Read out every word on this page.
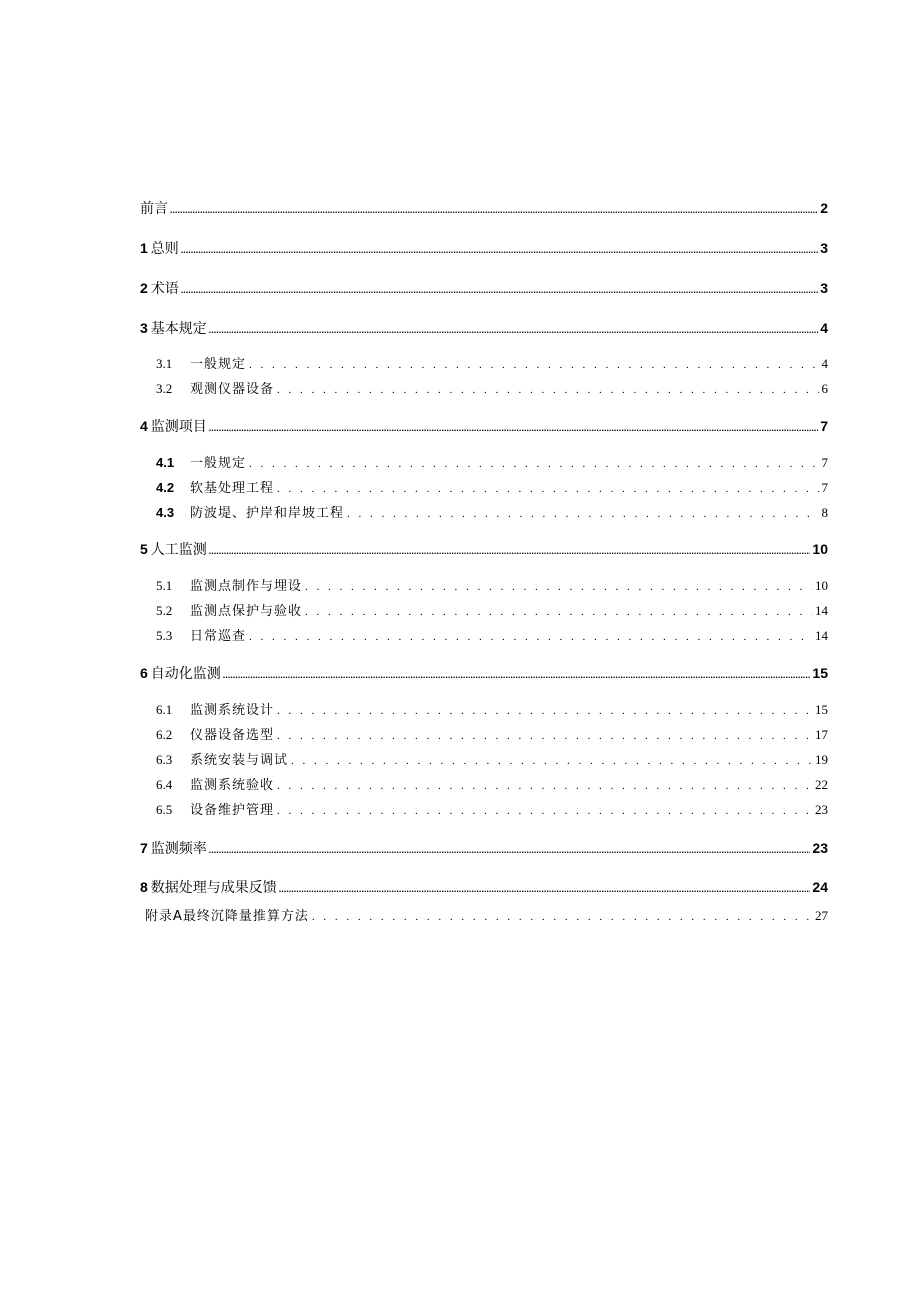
前言 .....	2
1 总则 .....	3
2 术语 .....	3
3 基本规定 .....	4
3.1	一般规定 . . .	4
3.2	观测仪器设备 . . .	6
4 监测项目 .....	7
4.1	一般规定 . . .	7
4.2	软基处理工程 . . .	7
4.3	防波堤、护岸和岸坡工程 . . .	8
5 人工监测 .....	10
5.1	监测点制作与埋设 . . .	10
5.2	监测点保护与验收 . . .	14
5.3	日常巡查 . . .	14
6 自动化监测 .....	15
6.1	监测系统设计 . . .	15
6.2	仪器设备选型 . . .	17
6.3	系统安装与调试 . . .	19
6.4	监测系统验收 . . .	22
6.5	设备维护管理 . . .	23
7 监测频率 .....	23
8 数据处理与成果反馈 .....	24
附录A最终沉降量推算方法 . . .	27
